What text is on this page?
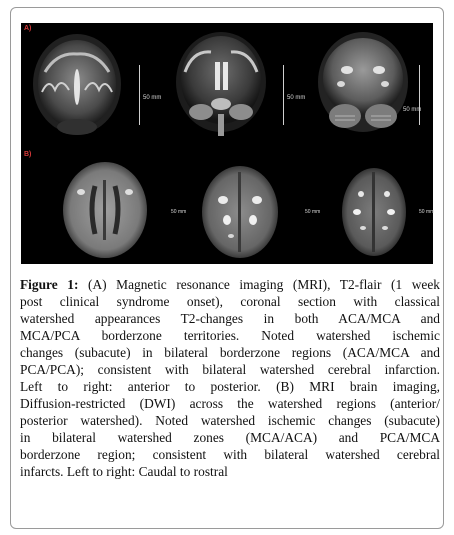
A)
50 mm	50 mm
50 mm
B)
50 mm	50 mm	50 mm
Figure 1: (A) Magnetic resonance imaging (MRI), T2-flair (1 week
post clinical syndrome onset), coronal section with classical
watershed appearances T2-changes in both ACA/MCA and
MCA/PCA borderzone territories. Noted watershed ischemic
changes (subacute) in bilateral borderzone regions (ACA/MCA and
PCA/PCA); consistent with bilateral watershed cerebral infarction.
Left to right: anterior to posterior. (B) MRI brain imaging,
Diffusion-restricted (DWI) across the watershed regions (anterior/
posterior watershed). Noted watershed ischemic changes (subacute)
in bilateral watershed zones (MCA/ACA) and PCA/MCA
borderzone region; consistent with bilateral watershed cerebral
infarcts. Left to right: Caudal to rostral
